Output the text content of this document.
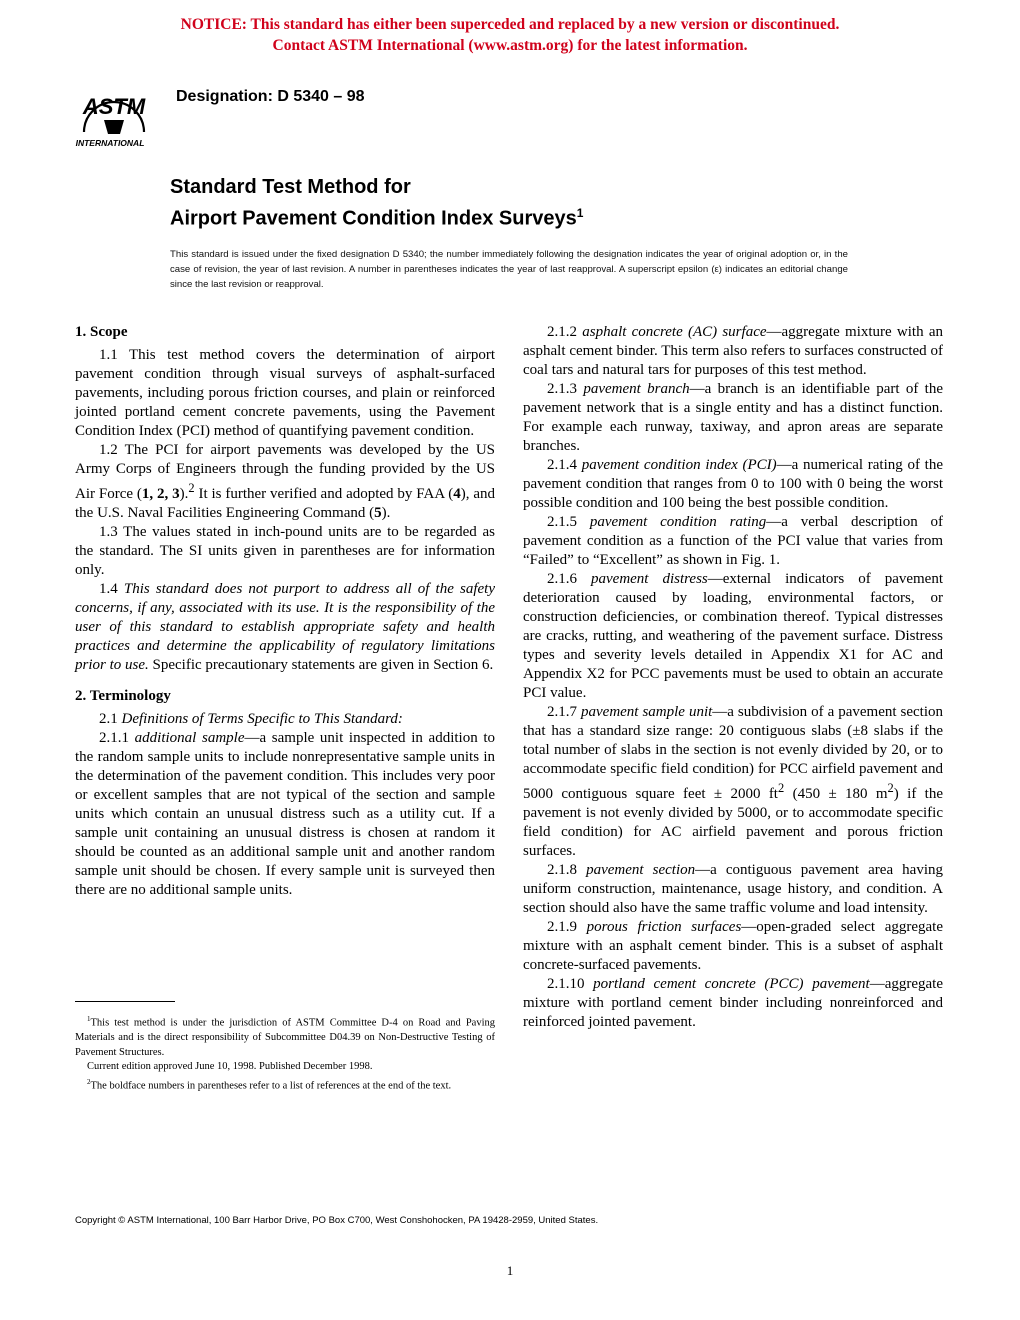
NOTICE: This standard has either been superceded and replaced by a new version or discontinued.
Contact ASTM International (www.astm.org) for the latest information.
ASTM
INTERNATIONAL
Designation: D 5340 – 98
Standard Test Method for
Airport Pavement Condition Index Surveys$^1$
This standard is issued under the fixed designation D 5340; the number immediately following the designation indicates the year of original adoption or, in the case of revision, the year of last revision. A number in parentheses indicates the year of last reapproval. A superscript epsilon (ε) indicates an editorial change since the last revision or reapproval.
1. Scope

1.1 This test method covers the determination of airport pavement condition through visual surveys of asphalt-surfaced pavements, including porous friction courses, and plain or reinforced jointed portland cement concrete pavements, using the Pavement Condition Index (PCI) method of quantifying pavement condition.

1.2 The PCI for airport pavements was developed by the US Army Corps of Engineers through the funding provided by the US Air Force (1, 2, 3).$^2$ It is further verified and adopted by FAA (4), and the U.S. Naval Facilities Engineering Command (5).

1.3 The values stated in inch-pound units are to be regarded as the standard. The SI units given in parentheses are for information only.

1.4 This standard does not purport to address all of the safety concerns, if any, associated with its use. It is the responsibility of the user of this standard to establish appropriate safety and health practices and determine the applicability of regulatory limitations prior to use. Specific precautionary statements are given in Section 6.

2. Terminology

2.1 Definitions of Terms Specific to This Standard:

2.1.1 additional sample—a sample unit inspected in addition to the random sample units to include nonrepresentative sample units in the determination of the pavement condition. This includes very poor or excellent samples that are not typical of the section and sample units which contain an unusual distress such as a utility cut. If a sample unit containing an unusual distress is chosen at random it should be counted as an additional sample unit and another random sample unit should be chosen. If every sample unit is surveyed then there are no additional sample units.

$^1$This test method is under the jurisdiction of ASTM Committee D-4 on Road and Paving Materials and is the direct responsibility of Subcommittee D04.39 on Non-Destructive Testing of Pavement Structures.

Current edition approved June 10, 1998. Published December 1998.

$^2$The boldface numbers in parentheses refer to a list of references at the end of the text.

2.1.2 asphalt concrete (AC) surface—aggregate mixture with an asphalt cement binder. This term also refers to surfaces constructed of coal tars and natural tars for purposes of this test method.

2.1.3 pavement branch—a branch is an identifiable part of the pavement network that is a single entity and has a distinct function. For example each runway, taxiway, and apron areas are separate branches.

2.1.4 pavement condition index (PCI)—a numerical rating of the pavement condition that ranges from 0 to 100 with 0 being the worst possible condition and 100 being the best possible condition.

2.1.5 pavement condition rating—a verbal description of pavement condition as a function of the PCI value that varies from “Failed” to “Excellent” as shown in Fig. 1.

2.1.6 pavement distress—external indicators of pavement deterioration caused by loading, environmental factors, or construction deficiencies, or combination thereof. Typical distresses are cracks, rutting, and weathering of the pavement surface. Distress types and severity levels detailed in Appendix X1 for AC and Appendix X2 for PCC pavements must be used to obtain an accurate PCI value.

2.1.7 pavement sample unit—a subdivision of a pavement section that has a standard size range: 20 contiguous slabs (±8 slabs if the total number of slabs in the section is not evenly divided by 20, or to accommodate specific field condition) for PCC airfield pavement and 5000 contiguous square feet ± 2000 $ft^2$ (450 ± 180 $m^2$) if the pavement is not evenly divided by 5000, or to accommodate specific field condition) for AC airfield pavement and porous friction surfaces.

2.1.8 pavement section—a contiguous pavement area having uniform construction, maintenance, usage history, and condition. A section should also have the same traffic volume and load intensity.

2.1.9 porous friction surfaces—open-graded select aggregate mixture with an asphalt cement binder. This is a subset of asphalt concrete-surfaced pavements.

2.1.10 portland cement concrete (PCC) pavement—aggregate mixture with portland cement binder including nonreinforced and reinforced jointed pavement.

Copyright © ASTM International, 100 Barr Harbor Drive, PO Box C700, West Conshohocken, PA 19428-2959, United States.
1
